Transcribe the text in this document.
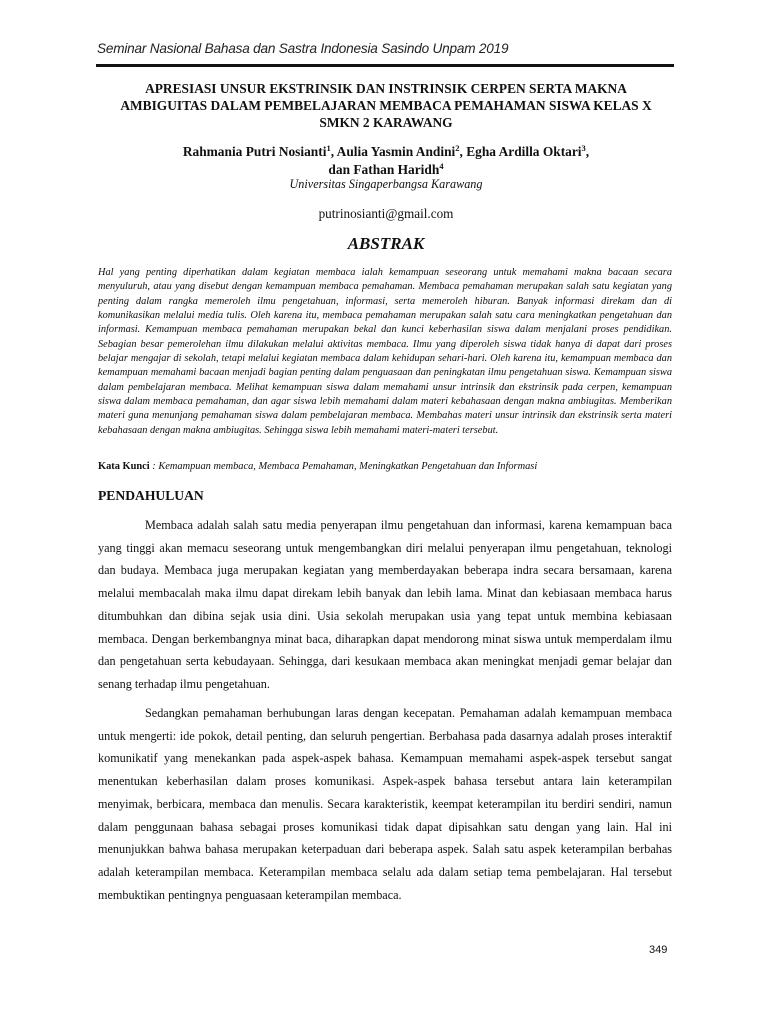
Seminar Nasional Bahasa dan Sastra Indonesia Sasindo Unpam 2019
APRESIASI UNSUR EKSTRINSIK DAN INSTRINSIK CERPEN SERTA MAKNA
AMBIGUITAS DALAM PEMBELAJARAN MEMBACA PEMAHAMAN SISWA KELAS X
SMKN 2 KARAWANG
Rahmania Putri Nosianti$^1$, Aulia Yasmin Andini$^2$, Egha Ardilla Oktari$^3$,
dan Fathan Haridh$^4$
Universitas Singaperbangsa Karawang
putrinosianti@gmail.com
ABSTRAK
Hal yang penting diperhatikan dalam kegiatan membaca ialah kemampuan seseorang untuk memahami makna bacaan secara menyuluruh, atau yang disebut dengan kemampuan membaca pemahaman. Membaca pemahaman merupakan salah satu kegiatan yang penting dalam rangka memeroleh ilmu pengetahuan, informasi, serta memeroleh hiburan. Banyak informasi direkam dan di komunikasikan melalui media tulis. Oleh karena itu, membaca pemahaman merupakan salah satu cara meningkatkan pengetahuan dan informasi. Kemampuan membaca pemahaman merupakan bekal dan kunci keberhasilan siswa dalam menjalani proses pendidikan. Sebagian besar pemerolehan ilmu dilakukan melalui aktivitas membaca. Ilmu yang diperoleh siswa tidak hanya di dapat dari proses belajar mengajar di sekolah, tetapi melalui kegiatan membaca dalam kehidupan sehari-hari. Oleh karena itu, kemampuan membaca dan kemampuan memahami bacaan menjadi bagian penting dalam penguasaan dan peningkatan ilmu pengetahuan siswa. Kemampuan siswa dalam pembelajaran membaca. Melihat kemampuan siswa dalam memahami unsur intrinsik dan ekstrinsik pada cerpen, kemampuan siswa dalam membaca pemahaman, dan agar siswa lebih memahami dalam materi kebahasaan dengan makna ambiugitas. Memberikan materi guna menunjang pemahaman siswa dalam pembelajaran membaca. Membahas materi unsur intrinsik dan ekstrinsik serta materi kebahasaan dengan makna ambiugitas. Sehingga siswa lebih memahami materi-materi tersebut.
Kata Kunci : Kemampuan membaca, Membaca Pemahaman, Meningkatkan Pengetahuan dan Informasi
PENDAHULUAN

Membaca adalah salah satu media penyerapan ilmu pengetahuan dan informasi, karena kemampuan baca yang tinggi akan memacu seseorang untuk mengembangkan diri melalui penyerapan ilmu pengetahuan, teknologi dan budaya. Membaca juga merupakan kegiatan yang memberdayakan beberapa indra secara bersamaan, karena melalui membacalah maka ilmu dapat direkam lebih banyak dan lebih lama. Minat dan kebiasaan membaca harus ditumbuhkan dan dibina sejak usia dini. Usia sekolah merupakan usia yang tepat untuk membina kebiasaan membaca. Dengan berkembangnya minat baca, diharapkan dapat mendorong minat siswa untuk memperdalam ilmu dan pengetahuan serta kebudayaan. Sehingga, dari kesukaan membaca akan meningkat menjadi gemar belajar dan senang terhadap ilmu pengetahuan.

Sedangkan pemahaman berhubungan laras dengan kecepatan. Pemahaman adalah kemampuan membaca untuk mengerti: ide pokok, detail penting, dan seluruh pengertian. Berbahasa pada dasarnya adalah proses interaktif komunikatif yang menekankan pada aspek-aspek bahasa. Kemampuan memahami aspek-aspek tersebut sangat menentukan keberhasilan dalam proses komunikasi. Aspek-aspek bahasa tersebut antara lain keterampilan menyimak, berbicara, membaca dan menulis. Secara karakteristik, keempat keterampilan itu berdiri sendiri, namun dalam penggunaan bahasa sebagai proses komunikasi tidak dapat dipisahkan satu dengan yang lain. Hal ini menunjukkan bahwa bahasa merupakan keterpaduan dari beberapa aspek. Salah satu aspek keterampilan berbahas adalah keterampilan membaca. Keterampilan membaca selalu ada dalam setiap tema pembelajaran. Hal tersebut membuktikan pentingnya penguasaan keterampilan membaca.

349
